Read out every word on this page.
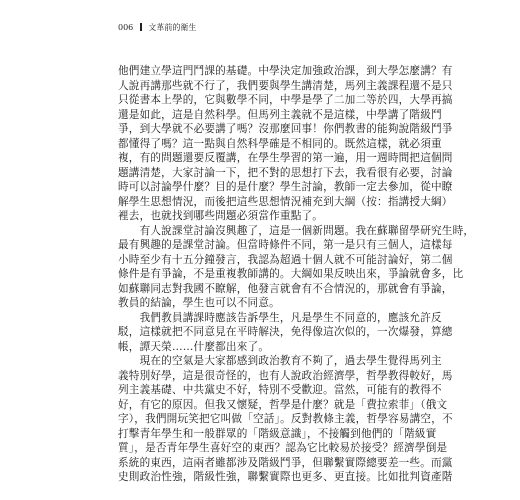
006 文革前的衛生
他們建立學這門鬥課的基礎。中學決定加強政治課，到大學怎麼講？有
人說再講那些就不行了，我們要與學生講清楚，馬列主義課程還不是只
只從書本上學的，它與數學不同，中學是學了二加二等於四，大學再搞
還是如此，這是自然科學。但馬列主義就不是這樣，中學講了階級鬥
爭，到大學就不必要講了嗎？沒那麼回事！你們教書的能夠說階級鬥爭
都懂得了嗎？這一點與自然科學確是不相同的。既然這樣，就必須重
複，有的問題還要反覆講，在學生學習的第一遍，用一週時間把這個問
題講清楚，大家討論一下，把不對的思想打下去，我看很有必要，討論
時可以討論學什麼？目的是什麼？學生討論，教師一定去參加，從中瞭
解學生思想情況，而後把這些思想情況補充到大綱（按：指講授大綱）
裡去，也就找到哪些問題必須當作重點了。
　　有人說課堂討論沒興趣了，這是一個新問題。我在蘇聯留學研究生時，
最有興趣的是課堂討論。但當時條件不同，第一是只有三個人，這樣每
小時至少有十五分鐘發言，我認為超過十個人就不可能討論好，第二個
條件是有爭論，不是重複教師講的。大綱如果反映出來，爭論就會多，比
如蘇聯同志對我國不瞭解，他發言就會有不合情況的，那就會有爭論，
教員的結論，學生也可以不同意。
　　我們教員講課時應該告訴學生，凡是學生不同意的，應該允許反
駁，這樣就把不同意見在平時解決，免得像這次似的，一次爆發，算總
帳，譚天榮……什麼都出來了。
　　現在的空氣是大家都感到政治教育不夠了，過去學生覺得馬列主
義特別好學，這是很奇怪的，也有人說政治經濟學，哲學教得較好，馬
列主義基礎、中共黨史不好，特別不受歡迎。當然，可能有的教得不
好，有它的原因。但我又懷疑，哲學是什麼？就是「費拉索菲」（俄文
字），我們開玩笑把它叫做「空話」。反對教條主義，哲學容易講空，不
打擊青年學生和一般群眾的「階級意識」，不接觸到他們的「階級實
質」，是否青年學生喜好空的東西？認為它比較易於接受？經濟學倒是
系統的東西，這兩者雖都涉及階級鬥爭，但聯繫實際總要差一些。而黨
史則政治性強，階級性強，聯繫實際也更多、更直接。比如批判資產階
